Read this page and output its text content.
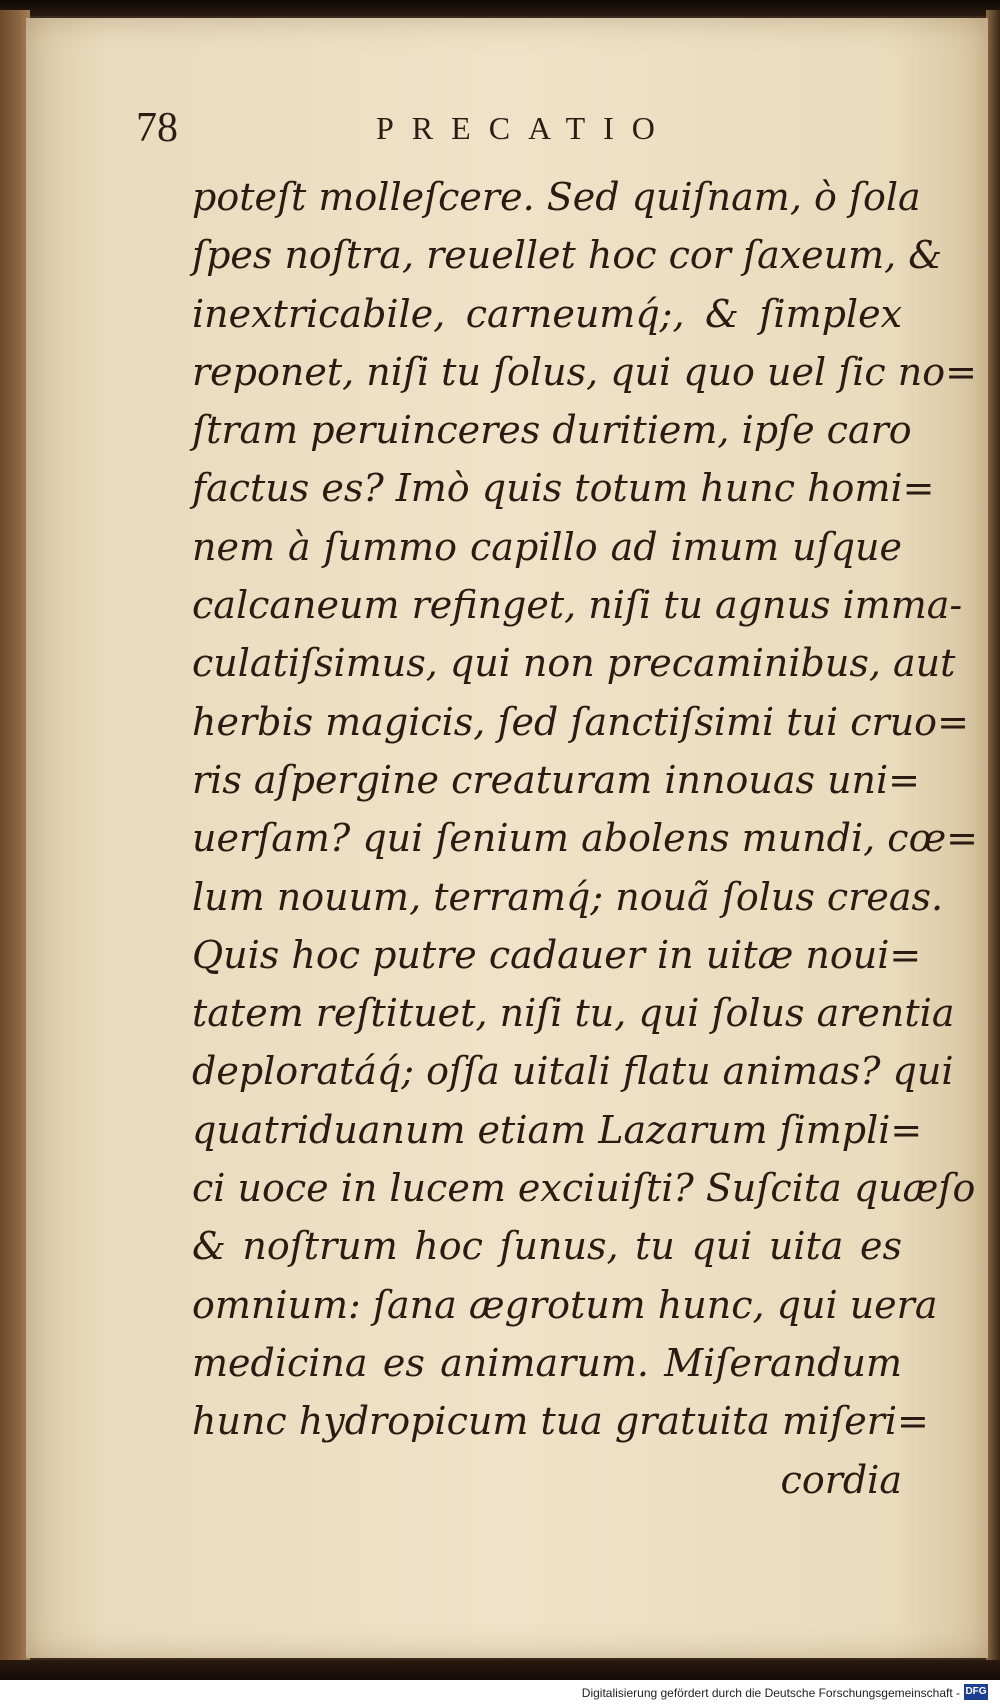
78	PRECATIO
poteſt molleſcere. Sed quiſnam, ò ſola
ſpes noſtra, reuellet hoc cor ſaxeum, &
inextricabile, carneumq́;, & ſimplex
reponet, niſi tu ſolus, qui quo uel ſic no=
ſtram peruinceres duritiem, ipſe caro
factus es? Imò quis totum hunc homi=
nem à ſummo capillo ad imum uſque
calcaneum refinget, niſi tu agnus imma-
culatiſsimus, qui non precaminibus, aut
herbis magicis, ſed ſanctiſsimi tui cruo=
ris aſpergine creaturam innouas uni=
uerſam? qui ſenium abolens mundi, cœ=
lum nouum, terramq́; nouã ſolus creas.
Quis hoc putre cadauer in uitæ noui=
tatem reſtituet, niſi tu, qui ſolus arentia
deploratáq́; oſſa uitali flatu animas? qui
quatriduanum etiam Lazarum ſimpli=
ci uoce in lucem exciuiſti? Suſcita quæſo
& noſtrum hoc ſunus, tu qui uita es
omnium: ſana ægrotum hunc, qui uera
medicina es animarum. Miſerandum
hunc hydropicum tua gratuita miſeri=
cordia
Digitalisierung gefördert durch die Deutsche Forschungsgemeinschaft - DFG
